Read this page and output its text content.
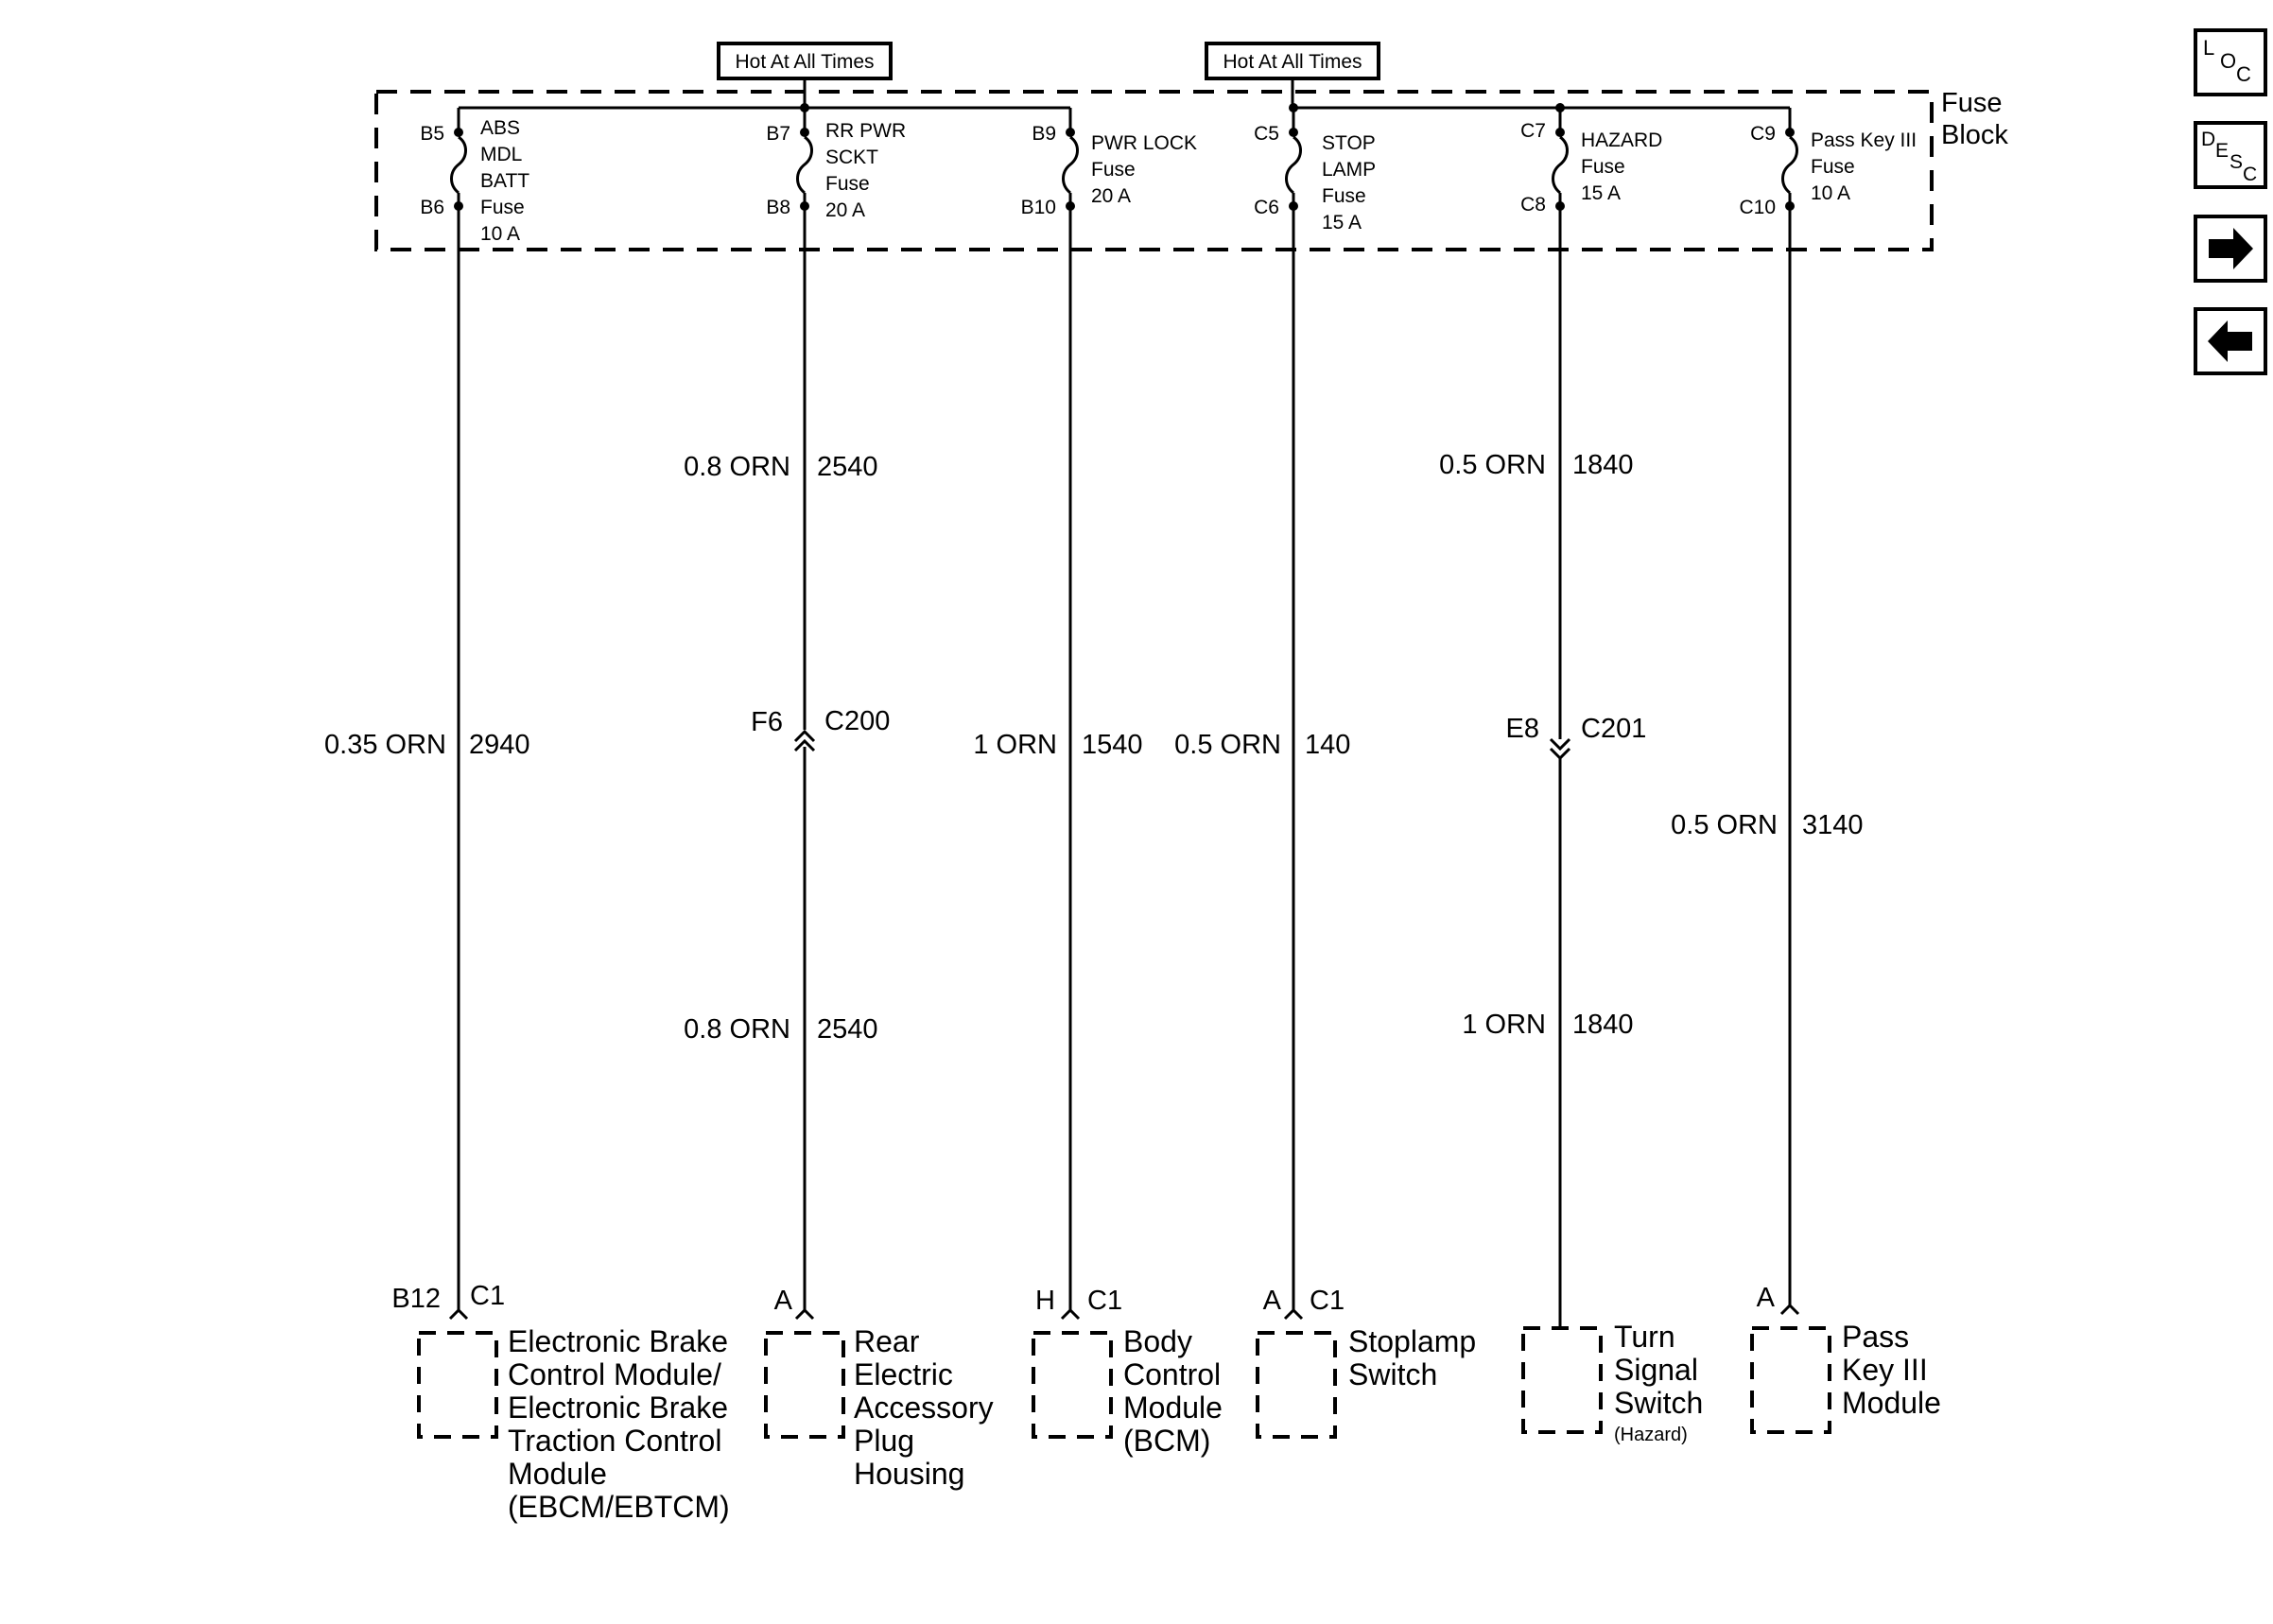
Fuse
Block
Hot At All Times	Hot At All Times
B5
B6
ABS
MDL
BATT
Fuse
10 A
B7
B8
RR PWR
SCKT
Fuse
20 A
B9
B10
PWR LOCK
Fuse
20 A
C5
C6
STOP
LAMP
Fuse
15 A
C7
C8
HAZARD
Fuse
15 A
C9
C10
Pass Key III
Fuse
10 A
0.8 ORN 2540	0.5 ORN 1840
0.35 ORN 2940	1 ORN 1540 0.5 ORN 140
0.5 ORN 3140
0.8 ORN 2540	1 ORN 1840
F6 C200	E8 C201
B12 C1	A	H C1	A C1	A
Electronic Brake
Control Module/
Electronic Brake
Traction Control
Module
(EBCM/EBTCM)
Rear
Electric
Accessory
Plug
Housing
Body
Control
Module
(BCM)
Stoplamp
Switch
Turn
Signal
Switch
(Hazard)
Pass
Key III
Module
L
O
C
D
E
S
C
